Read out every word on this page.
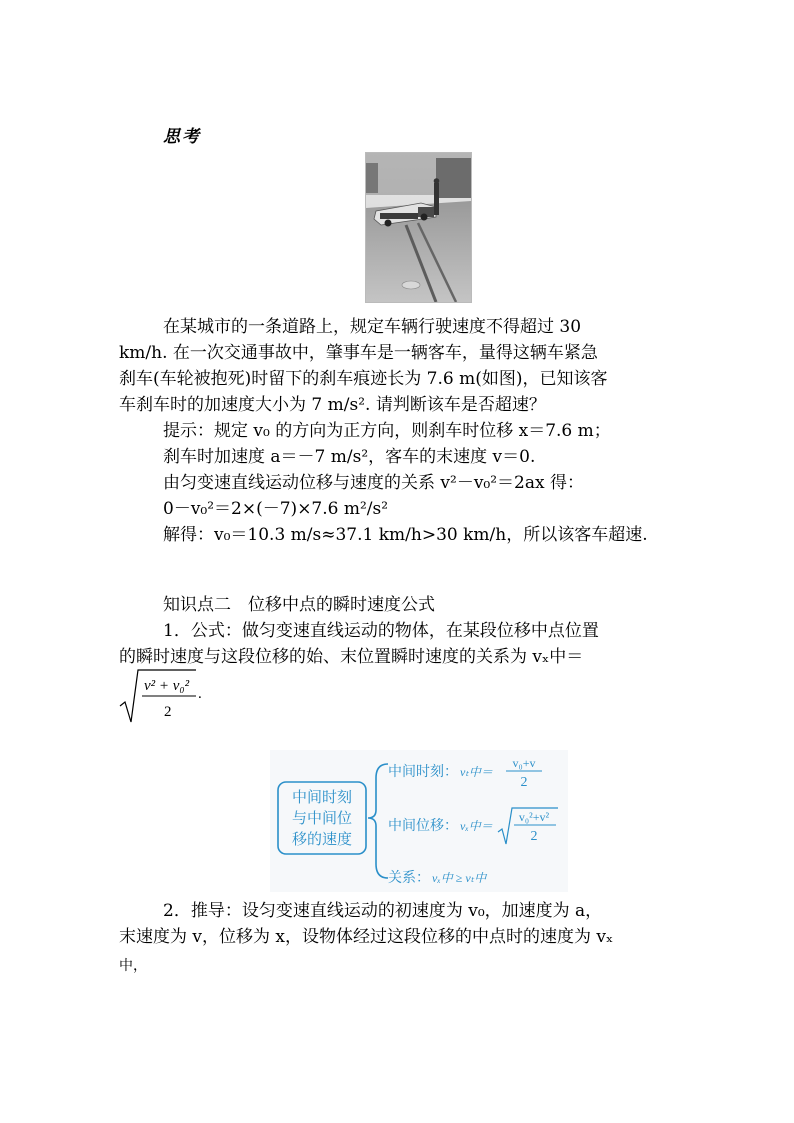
思考
在某城市的一条道路上，规定车辆行驶速度不得超过 30
km/h. 在一次交通事故中，肇事车是一辆客车，量得这辆车紧急
刹车(车轮被抱死)时留下的刹车痕迹长为 7.6 m(如图)，已知该客
车刹车时的加速度大小为 7 m/s². 请判断该车是否超速？
提示：规定 v₀ 的方向为正方向，则刹车时位移 x＝7.6 m；
刹车时加速度 a＝－7 m/s²，客车的末速度 v＝0.
由匀变速直线运动位移与速度的关系 v²－v₀²＝2ax 得：
0－v₀²＝2×(－7)×7.6 m²/s²
解得：v₀＝10.3 m/s≈37.1 km/h>30 km/h，所以该客车超速.
知识点二　位移中点的瞬时速度公式
1．公式：做匀变速直线运动的物体，在某段位移中点位置
的瞬时速度与这段位移的始、末位置瞬时速度的关系为 vₓ中＝
v² + v₀²
2
.
中间时刻
与中间位
移的速度
中间时刻： vₜ中＝
v₀+v
2
中间位移： vₓ中＝
v₀²+v²
2
关系： vₓ中 ≥ vₜ中
2．推导：设匀变速直线运动的初速度为 v₀，加速度为 a，
末速度为 v，位移为 x，设物体经过这段位移的中点时的速度为 vₓ
中，
